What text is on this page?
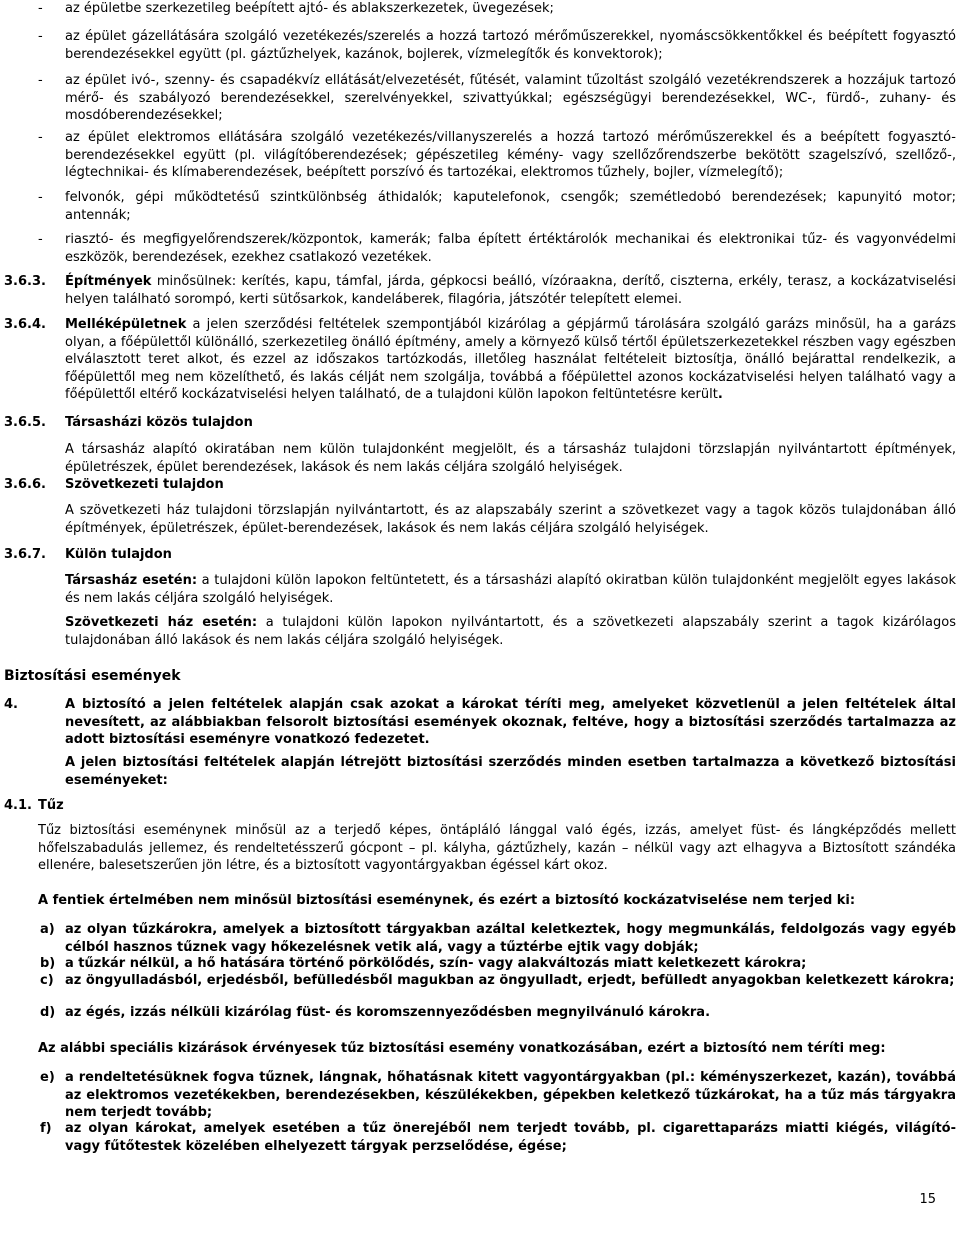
- az épületbe szerkezetileg beépített ajtó- és ablakszerkezetek, üvegezések;

- az épület gázellátására szolgáló vezetékezés/szerelés a hozzá tartozó mérőműszerekkel, nyomáscsökkentőkkel és beépített fogyasztó berendezésekkel együtt (pl. gáztűzhelyek, kazánok, bojlerek, vízmelegítők és konvektorok);

- az épület ivó-, szenny- és csapadékvíz ellátását/elvezetését, fűtését, valamint tűzoltást szolgáló vezetékrendszerek a hozzájuk tartozó mérő- és szabályozó berendezésekkel, szerelvényekkel, szivattyúkkal; egészségügyi berendezésekkel, WC-, fürdő-, zuhany- és mosdóberendezésekkel;

- az épület elektromos ellátására szolgáló vezetékezés/villanyszerelés a hozzá tartozó mérőműszerekkel és a beépített fogyasztó-berendezésekkel együtt (pl. világítóberendezések; gépészetileg kémény- vagy szellőzőrendszerbe bekötött szagelszívó, szellőző-, légtechnikai- és klímaberendezések, beépített porszívó és tartozékai, elektromos tűzhely, bojler, vízmelegítő);

- felvonók, gépi működtetésű szintkülönbség áthidalók; kaputelefonok, csengők; szemétledobó berendezések; kapunyitó motor; antennák;

- riasztó- és megfigyelőrendszerek/központok, kamerák; falba épített értéktárolók mechanikai és elektronikai tűz- és vagyonvédelmi eszközök, berendezések, ezekhez csatlakozó vezetékek.

3.6.3. Építmények minősülnek: kerítés, kapu, támfal, járda, gépkocsi beálló, vízóraakna, derítő, ciszterna, erkély, terasz, a kockázatviselési helyen található sorompó, kerti sütősarkok, kandeláberek, filagória, játszótér telepített elemei.

3.6.4. Melléképületnek a jelen szerződési feltételek szempontjából kizárólag a gépjármű tárolására szolgáló garázs minősül, ha a garázs olyan, a főépülettől különálló, szerkezetileg önálló építmény, amely a környező külső tértől épületszerkezetekkel részben vagy egészben elválasztott teret alkot, és ezzel az időszakos tartózkodás, illetőleg használat feltételeit biztosítja, önálló bejárattal rendelkezik, a főépülettől meg nem közelíthető, és lakás célját nem szolgálja, továbbá a főépülettel azonos kockázatviselési helyen található vagy a főépülettől eltérő kockázatviselési helyen található, de a tulajdoni külön lapokon feltüntetésre került.

3.6.5. Társasházi közös tulajdon

A társasház alapító okiratában nem külön tulajdonként megjelölt, és a társasház tulajdoni törzslapján nyilvántartott építmények, épületrészek, épület berendezések, lakások és nem lakás céljára szolgáló helyiségek.

3.6.6. Szövetkezeti tulajdon

A szövetkezeti ház tulajdoni törzslapján nyilvántartott, és az alapszabály szerint a szövetkezet vagy a tagok közös tulajdonában álló építmények, épületrészek, épület-berendezések, lakások és nem lakás céljára szolgáló helyiségek.

3.6.7. Külön tulajdon

Társasház esetén: a tulajdoni külön lapokon feltüntetett, és a társasházi alapító okiratban külön tulajdonként megjelölt egyes lakások és nem lakás céljára szolgáló helyiségek.

Szövetkezeti ház esetén: a tulajdoni külön lapokon nyilvántartott, és a szövetkezeti alapszabály szerint a tagok kizárólagos tulajdonában álló lakások és nem lakás céljára szolgáló helyiségek.

Biztosítási események
4.	A biztosító a jelen feltételek alapján csak azokat a károkat téríti meg, amelyeket közvetlenül a jelen feltételek által nevesített, az alábbiakban felsorolt biztosítási események okoznak, feltéve, hogy a biztosítási szerződés tartalmazza az adott biztosítási eseményre vonatkozó fedezetet.

A jelen biztosítási feltételek alapján létrejött biztosítási szerződés minden esetben tartalmazza a következő biztosítási eseményeket:

4.1. Tűz

Tűz biztosítási eseménynek minősül az a terjedő képes, öntápláló lánggal való égés, izzás, amelyet füst- és lángképződés mellett hőfelszabadulás jellemez, és rendeltetésszerű gócpont – pl. kályha, gáztűzhely, kazán – nélkül vagy azt elhagyva a Biztosított szándéka ellenére, balesetszerűen jön létre, és a biztosított vagyontárgyakban égéssel kárt okoz.

A fentiek értelmében nem minősül biztosítási eseménynek, és ezért a biztosító kockázatviselése nem terjed ki:
a) az olyan tűzkárokra, amelyek a biztosított tárgyakban azáltal keletkeztek, hogy megmunkálás, feldolgozás vagy egyéb célból hasznos tűznek vagy hőkezelésnek vetik alá, vagy a tűztérbe ejtik vagy dobják;

b) a tűzkár nélkül, a hő hatására történő pörkölődés, szín- vagy alakváltozás miatt keletkezett károkra;

c) az öngyulladásból, erjedésből, befülledésből magukban az öngyulladt, erjedt, befülledt anyagokban keletkezett károkra;

d) az égés, izzás nélküli kizárólag füst- és koromszennyeződésben megnyilvánuló károkra.

Az alábbi speciális kizárások érvényesek tűz biztosítási esemény vonatkozásában, ezért a biztosító nem téríti meg:
e) a rendeltetésüknek fogva tűznek, lángnak, hőhatásnak kitett vagyontárgyakban (pl.: kéményszerkezet, kazán), továbbá az elektromos vezetékekben, berendezésekben, készülékekben, gépekben keletkező tűzkárokat, ha a tűz más tárgyakra nem terjedt tovább;

f) az olyan károkat, amelyek esetében a tűz önerejéből nem terjedt tovább, pl. cigarettaparázs miatti kiégés, világító- vagy fűtőtestek közelében elhelyezett tárgyak perzselődése, égése;

15
